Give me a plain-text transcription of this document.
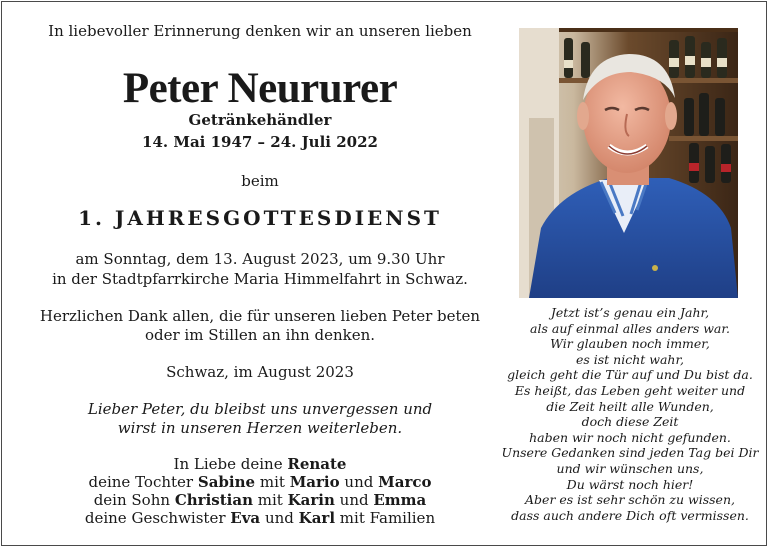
In liebevoller Erinnerung denken wir an unseren lieben
Peter Neururer
Getränkehändler
14. Mai 1947 – 24. Juli 2022
beim
1. JAHRESGOTTESDIENST
am Sonntag, dem 13. August 2023, um 9.30 Uhr
in der Stadtpfarrkirche Maria Himmelfahrt in Schwaz.
Herzlichen Dank allen, die für unseren lieben Peter beten
oder im Stillen an ihn denken.
Schwaz, im August 2023
Lieber Peter, du bleibst uns unvergessen und
wirst in unseren Herzen weiterleben.
In Liebe deine Renate
deine Tochter Sabine mit Mario und Marco
dein Sohn Christian mit Karin und Emma
deine Geschwister Eva und Karl mit Familien
Jetzt ist’s genau ein Jahr,
als auf einmal alles anders war.
Wir glauben noch immer,
es ist nicht wahr,
gleich geht die Tür auf und Du bist da.
Es heißt, das Leben geht weiter und
die Zeit heilt alle Wunden,
doch diese Zeit
haben wir noch nicht gefunden.
Unsere Gedanken sind jeden Tag bei Dir
und wir wünschen uns,
Du wärst noch hier!
Aber es ist sehr schön zu wissen,
dass auch andere Dich oft vermissen.
